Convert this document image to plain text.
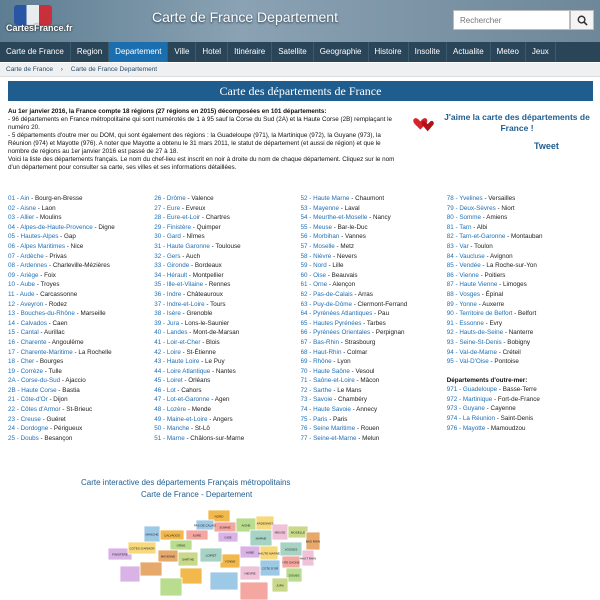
CartesFrance.fr
Carte de France Departement
Rechercher
Carte de France	Region	Departement	Ville	Hotel	Itinéraire	Satellite	Geographie	Histoire	Insolite	Actualite	Meteo	Jeux
Carte de France › Carte de France Departement
Carte des départements de France

Au 1er janvier 2016, la France compte 18 régions (27 régions en 2015) décomposées en 101 départements:

- 96 départements en France métropolitaine qui sont numérotés de 1 à 95 sauf la Corse du Sud (2A) et la Haute Corse (2B) remplaçant le numéro 20.

- 5 départements d'outre mer ou DOM, qui sont également des régions : la Guadeloupe (971), la Martinique (972), la Guyane (973), la Réunion (974) et Mayotte (976). A noter que Mayotte a obtenu le 31 mars 2011, le statut de département (et aussi de région) et que le nombre de régions au 1er janvier 2016 est passé de 27 à 18.

Voici la liste des départements français. Le nom du chef-lieu est inscrit en noir à droite du nom de chaque département. Cliquez sur le nom d'un département pour consulter sa carte, ses villes et ses informations détaillées.

J'aime la carte des départements de France !
Tweet
01 - Ain - Bourg-en-Bresse
02 - Aisne - Laon
03 - Allier - Moulins
04 - Alpes-de-Haute-Provence - Digne
05 - Hautes-Alpes - Gap
06 - Alpes Maritimes - Nice
07 - Ardèche - Privas
08 - Ardennes - Charleville-Mézières
09 - Ariège - Foix
10 - Aube - Troyes
11 - Aude - Carcassonne
12 - Aveyron - Rodez
13 - Bouches-du-Rhône - Marseille
14 - Calvados - Caen
15 - Cantal - Aurillac
16 - Charente - Angoulême
17 - Charente-Maritime - La Rochelle
18 - Cher - Bourges
19 - Corrèze - Tulle
2A - Corse-du-Sud - Ajaccio
2B - Haute Corse - Bastia
21 - Côte-d'Or - Dijon
22 - Côtes d'Armor - St-Brieuc
23 - Creuse - Guéret
24 - Dordogne - Périgueux
25 - Doubs - Besançon
26 - Drôme - Valence
27 - Eure - Evreux
28 - Eure-et-Loir - Chartres
29 - Finistère - Quimper
30 - Gard - Nîmes
31 - Haute Garonne - Toulouse
32 - Gers - Auch
33 - Gironde - Bordeaux
34 - Hérault - Montpellier
35 - Ille-et-Vilaine - Rennes
36 - Indre - Châteauroux
37 - Indre-et-Loire - Tours
38 - Isère - Grenoble
39 - Jura - Lons-le-Saunier
40 - Landes - Mont-de-Marsan
41 - Loir-et-Cher - Blois
42 - Loire - St-Étienne
43 - Haute Loire - Le Puy
44 - Loire Atlantique - Nantes
45 - Loiret - Orléans
46 - Lot - Cahors
47 - Lot-et-Garonne - Agen
48 - Lozère - Mende
49 - Maine-et-Loire - Angers
50 - Manche - St-Lô
51 - Marne - Châlons-sur-Marne
52 - Haute Marne - Chaumont
53 - Mayenne - Laval
54 - Meurthe-et-Moselle - Nancy
55 - Meuse - Bar-le-Duc
56 - Morbihan - Vannes
57 - Moselle - Metz
58 - Nièvre - Nevers
59 - Nord - Lille
60 - Oise - Beauvais
61 - Orne - Alençon
62 - Pas-de-Calais - Arras
63 - Puy-de-Dôme - Clermont-Ferrand
64 - Pyrénées Atlantiques - Pau
65 - Hautes Pyrénées - Tarbes
66 - Pyrénées Orientales - Perpignan
67 - Bas-Rhin - Strasbourg
68 - Haut-Rhin - Colmar
69 - Rhône - Lyon
70 - Haute Saône - Vesoul
71 - Saône-et-Loire - Mâcon
72 - Sarthe - Le Mans
73 - Savoie - Chambéry
74 - Haute Savoie - Annecy
75 - Paris - Paris
76 - Seine Maritime - Rouen
77 - Seine-et-Marne - Melun
78 - Yvelines - Versailles
79 - Deux-Sèvres - Niort
80 - Somme - Amiens
81 - Tarn - Albi
82 - Tarn-et-Garonne - Montauban
83 - Var - Toulon
84 - Vaucluse - Avignon
85 - Vendée - La Roche-sur-Yon
86 - Vienne - Poitiers
87 - Haute Vienne - Limoges
88 - Vosges - Épinal
89 - Yonne - Auxerre
90 - Territoire de Belfort - Belfort
91 - Essonne - Evry
92 - Hauts-de-Seine - Nanterre
93 - Seine-St-Denis - Bobigny
94 - Val-de-Marne - Créteil
95 - Val-D'Oise - Pontoise
Départements d'outre-mer:
971 - Guadeloupe - Basse-Terre
972 - Martinique - Fort-de-France
973 - Guyane - Cayenne
974 - La Réunion - Saint-Denis
976 - Mayotte - Mamoudzou
Carte interactive des départements Français métropolitains
Carte de France - Departement
NORD
PAS DE CALAIS SOMME	AISNE
OISE
ARDENNES
MARNE
MEUSE MOSELLE
BAS RHIN
CALVADOS
MANCHE	EURE
ORNE
AUBE HAUTE MARNE
VOSGES
HAUT RHIN
SARTHE
MAYENNE
YONNE
COTE D'OR
HTE SAONE
DOUBS
FINISTERE
COTES D'ARMOR
LOIRET
NIEVRE
JURA
